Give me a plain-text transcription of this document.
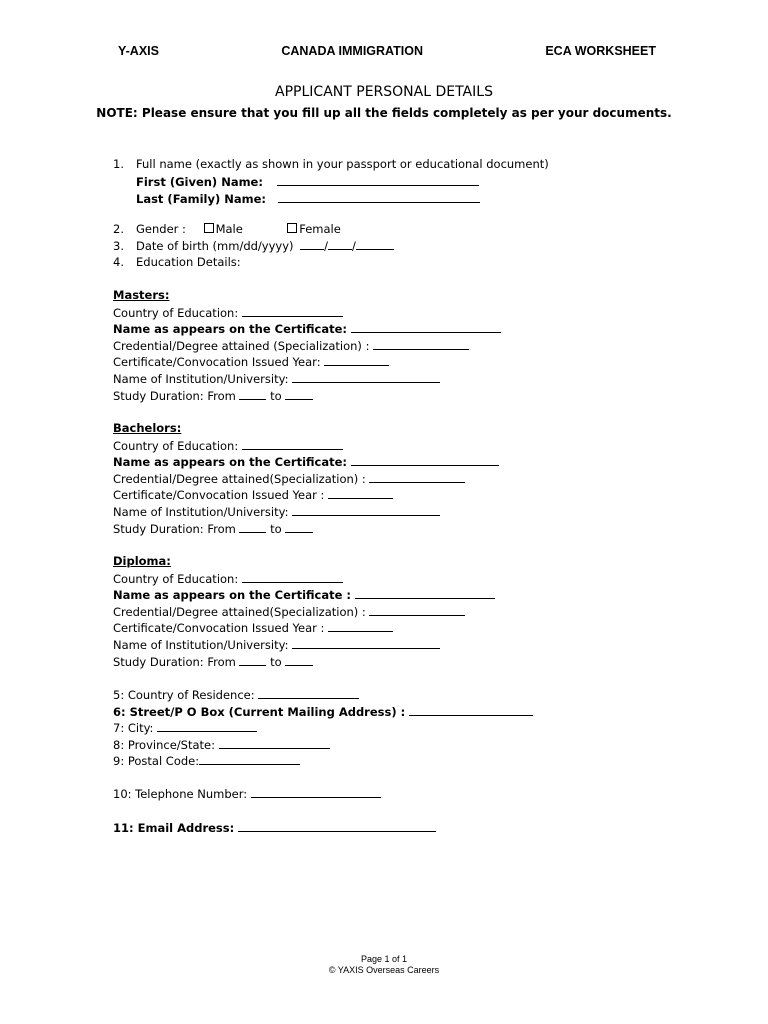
Y-AXIS	CANADA IMMIGRATION	ECA WORKSHEET
APPLICANT PERSONAL DETAILS
NOTE: Please ensure that you fill up all the fields completely as per your documents.
1. Full name (exactly as shown in your passport or educational document)
First (Given) Name:
Last (Family) Name:
2. Gender :	Male	Female
3. Date of birth (mm/dd/yyyy)	/ /
4. Education Details:
Masters:
Country of Education:
Name as appears on the Certificate:
Credential/Degree attained (Specialization) :
Certificate/Convocation Issued Year:
Name of Institution/University:
Study Duration: From	to
Bachelors:
Country of Education:
Name as appears on the Certificate:
Credential/Degree attained(Specialization) :
Certificate/Convocation Issued Year :
Name of Institution/University:
Study Duration: From	to
Diploma:
Country of Education:
Name as appears on the Certificate :
Credential/Degree attained(Specialization) :
Certificate/Convocation Issued Year :
Name of Institution/University:
Study Duration: From	to
5: Country of Residence:
6: Street/P O Box (Current Mailing Address) :
7: City:
8: Province/State:
9: Postal Code:
10: Telephone Number:
11: Email Address:
Page 1 of 1
© YAXIS Overseas Careers
